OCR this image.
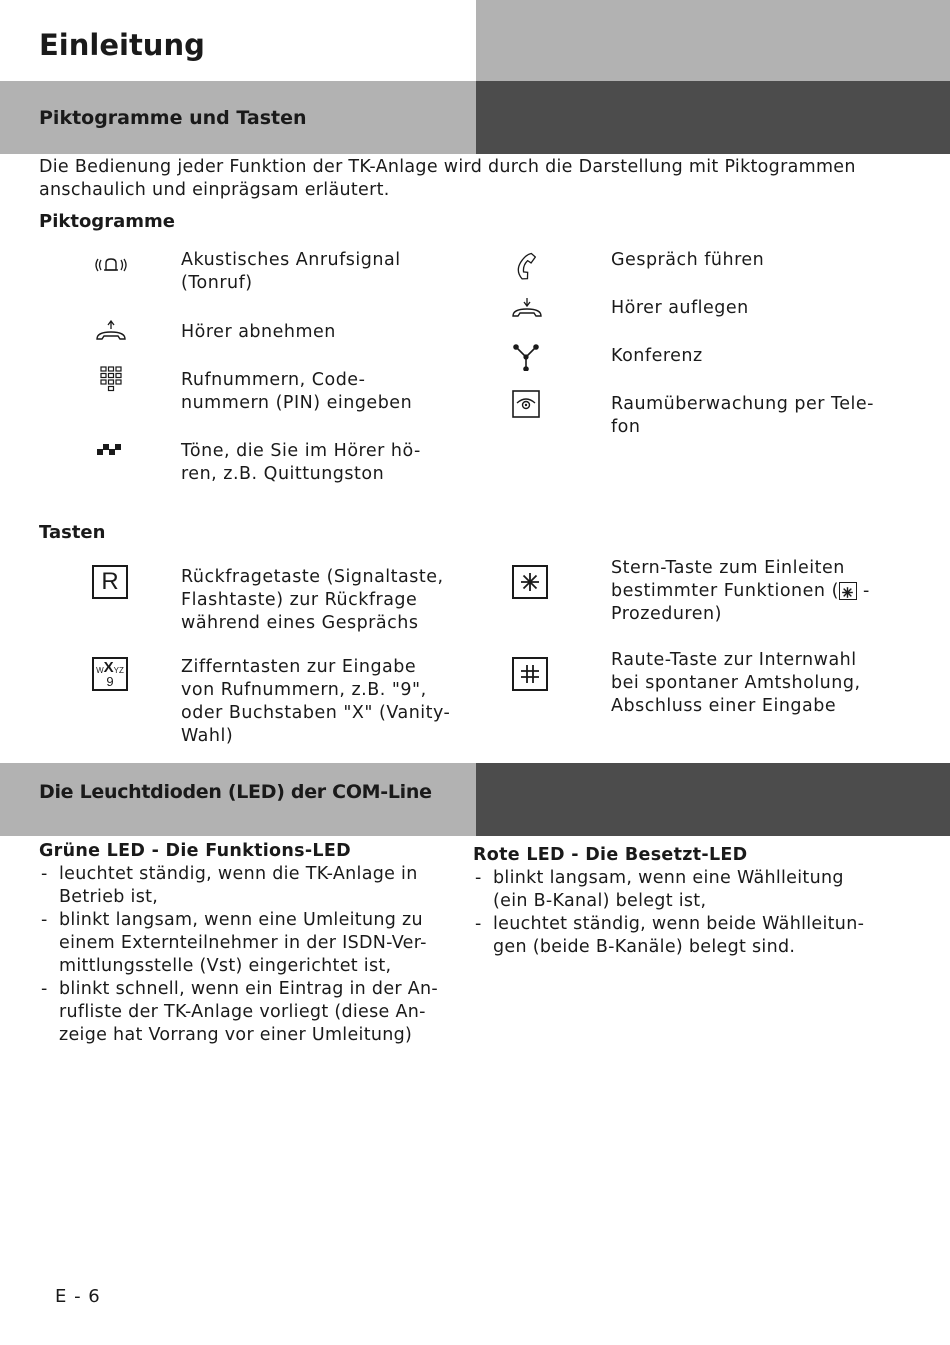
Einleitung
Piktogramme und Tasten
Die Bedienung jeder Funktion der TK-Anlage wird durch die Darstellung mit Piktogrammen anschaulich und einprägsam erläutert.
Piktogramme
Akustisches Anrufsignal
(Tonruf)
Hörer abnehmen
Rufnummern, Code-
nummern (PIN) eingeben
Töne, die Sie im Hörer hö-
ren, z.B. Quittungston
Gespräch führen
Hörer auflegen
Konferenz
Raumüberwachung per Tele-
fon
Tasten
R	Rückfragetaste (Signaltaste,
Flashtaste) zur Rückfrage
während eines Gesprächs
W X YZ
9
Zifferntasten zur Eingabe
von Rufnummern, z.B. "9",
oder Buchstaben "X" (Vanity-
Wahl)
Stern-Taste zum Einleiten
bestimmter Funktionen ( -
Prozeduren)
Raute-Taste zur Internwahl
bei spontaner Amtsholung,
Abschluss einer Eingabe
Die Leuchtdioden (LED) der COM-Line
Grüne LED - Die Funktions-LED
- leuchtet ständig, wenn die TK-Anlage in Betrieb ist,
- blinkt langsam, wenn eine Umleitung zu einem Externteilnehmer in der ISDN-Ver-mittlungsstelle (Vst) eingerichtet ist,
- blinkt schnell, wenn ein Eintrag in der An-rufliste der TK-Anlage vorliegt (diese An-zeige hat Vorrang vor einer Umleitung)
Rote LED - Die Besetzt-LED
- blinkt langsam, wenn eine Wählleitung (ein B-Kanal) belegt ist,
- leuchtet ständig, wenn beide Wählleitun-gen (beide B-Kanäle) belegt sind.
E - 6
